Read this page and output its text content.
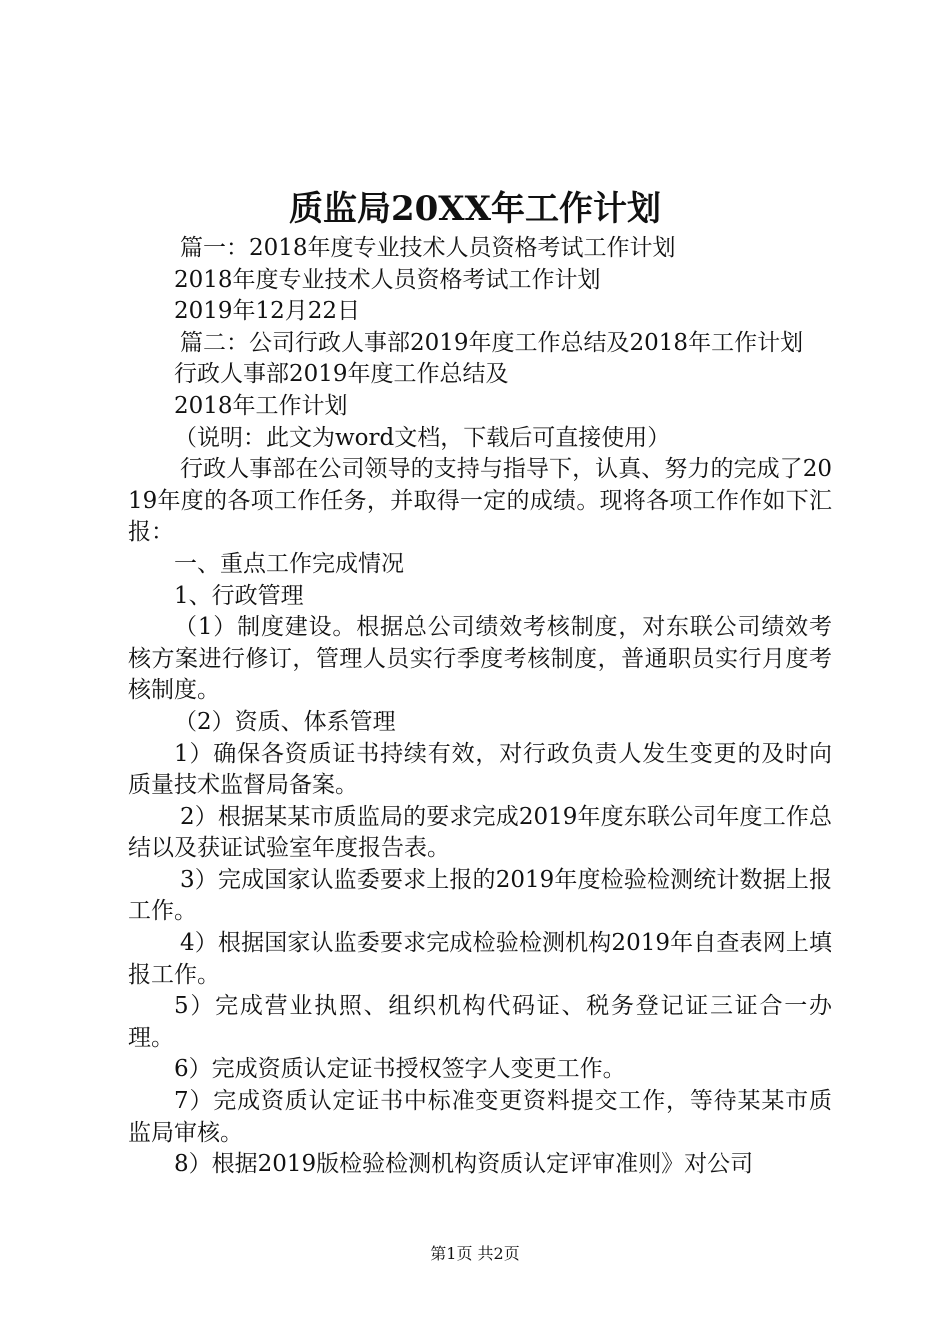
质监局20XX年工作计划

篇一：2018年度专业技术人员资格考试工作计划

2018年度专业技术人员资格考试工作计划

2019年12月22日

篇二：公司行政人事部2019年度工作总结及2018年工作计划

行政人事部2019年度工作总结及

2018年工作计划

（说明：此文为word文档，下载后可直接使用）

行政人事部在公司领导的支持与指导下，认真、努力的完成了2019年度的各项工作任务，并取得一定的成绩。现将各项工作作如下汇报：

一、重点工作完成情况

1、行政管理

（1）制度建设。根据总公司绩效考核制度，对东联公司绩效考核方案进行修订，管理人员实行季度考核制度，普通职员实行月度考核制度。

（2）资质、体系管理

1）确保各资质证书持续有效，对行政负责人发生变更的及时向质量技术监督局备案。

2）根据某某市质监局的要求完成2019年度东联公司年度工作总结以及获证试验室年度报告表。

3）完成国家认监委要求上报的2019年度检验检测统计数据上报工作。

4）根据国家认监委要求完成检验检测机构2019年自查表网上填报工作。

5）完成营业执照、组织机构代码证、税务登记证三证合一办理。

6）完成资质认定证书授权签字人变更工作。

7）完成资质认定证书中标准变更资料提交工作，等待某某市质监局审核。

8）根据2019版检验检测机构资质认定评审准则》对公司

第1页 共2页
